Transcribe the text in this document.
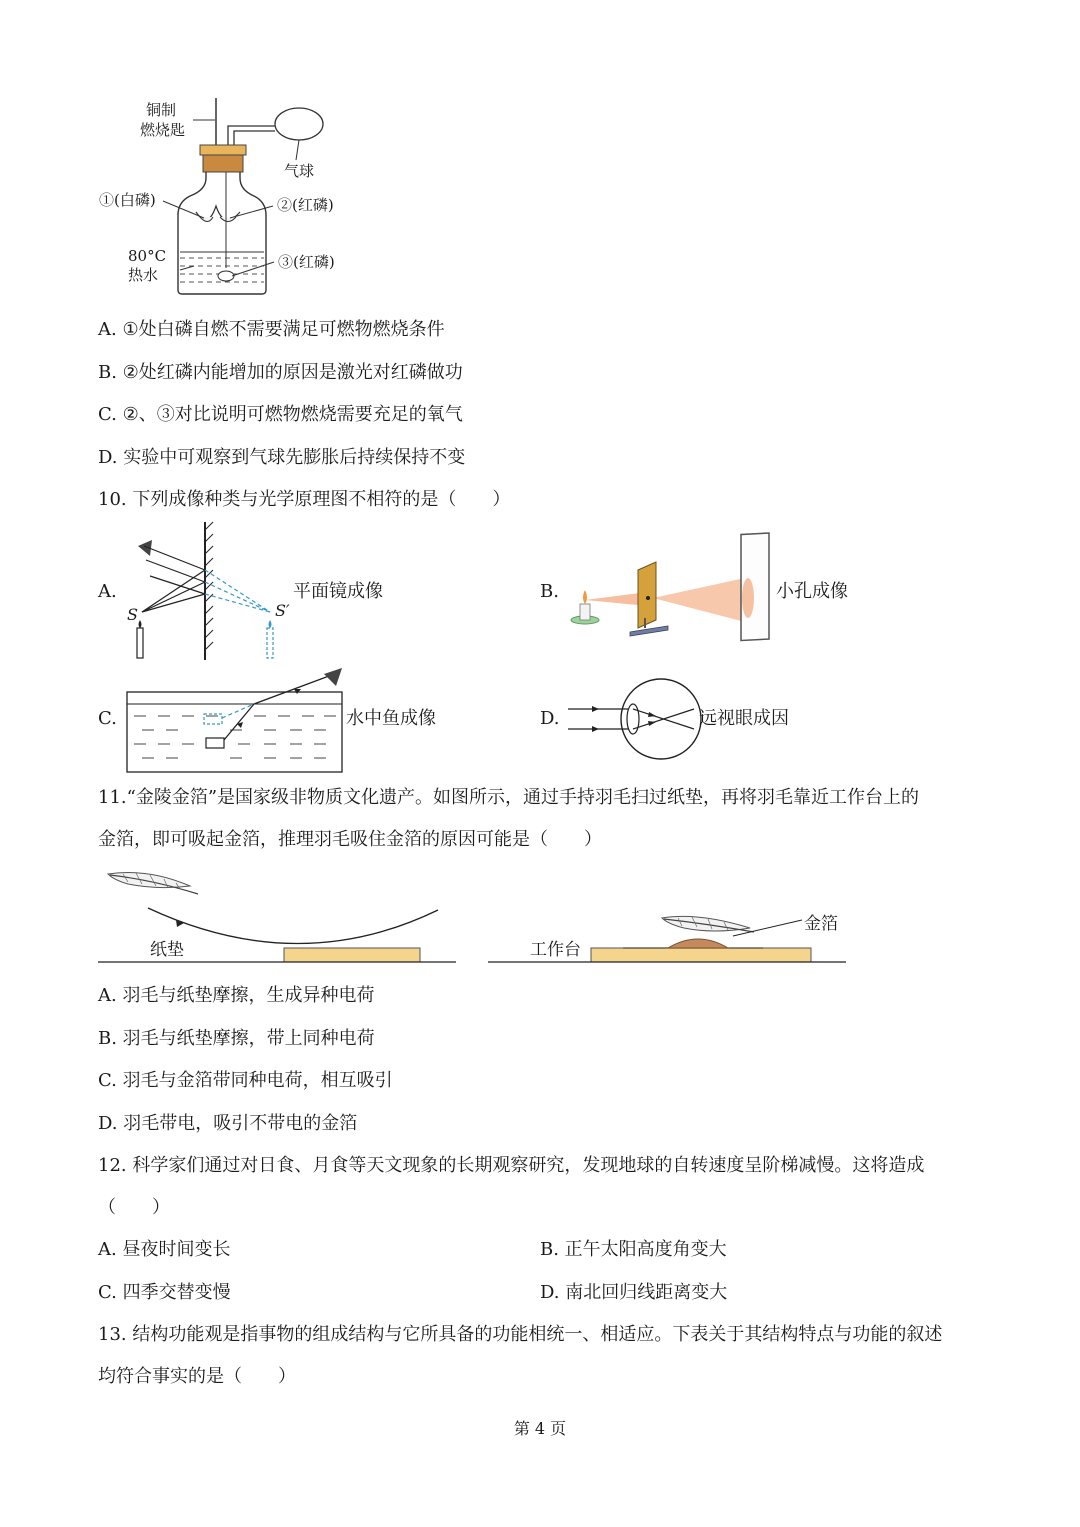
铜制
燃烧匙
气球
①(白磷)	②(红磷)
80°C
热水
③(红磷)
A. ①处白磷自燃不需要满足可燃物燃烧条件
B. ②处红磷内能增加的原因是激光对红磷做功
C. ②、③对比说明可燃物燃烧需要充足的氧气
D. 实验中可观察到气球先膨胀后持续保持不变
10. 下列成像种类与光学原理图不相符的是（　　）
A.
S	S′
平面镜成像	B.	小孔成像
C.	水中鱼成像	D.	远视眼成因
11.“金陵金箔”是国家级非物质文化遗产。如图所示，通过手持羽毛扫过纸垫，再将羽毛靠近工作台上的
金箔，即可吸起金箔，推理羽毛吸住金箔的原因可能是（　　）
纸垫	工作台
金箔
A. 羽毛与纸垫摩擦，生成异种电荷
B. 羽毛与纸垫摩擦，带上同种电荷
C. 羽毛与金箔带同种电荷，相互吸引
D. 羽毛带电，吸引不带电的金箔
12. 科学家们通过对日食、月食等天文现象的长期观察研究，发现地球的自转速度呈阶梯减慢。这将造成
（　　）
A. 昼夜时间变长	B. 正午太阳高度角变大
C. 四季交替变慢	D. 南北回归线距离变大
13. 结构功能观是指事物的组成结构与它所具备的功能相统一、相适应。下表关于其结构特点与功能的叙述
均符合事实的是（　　）
第 4 页
